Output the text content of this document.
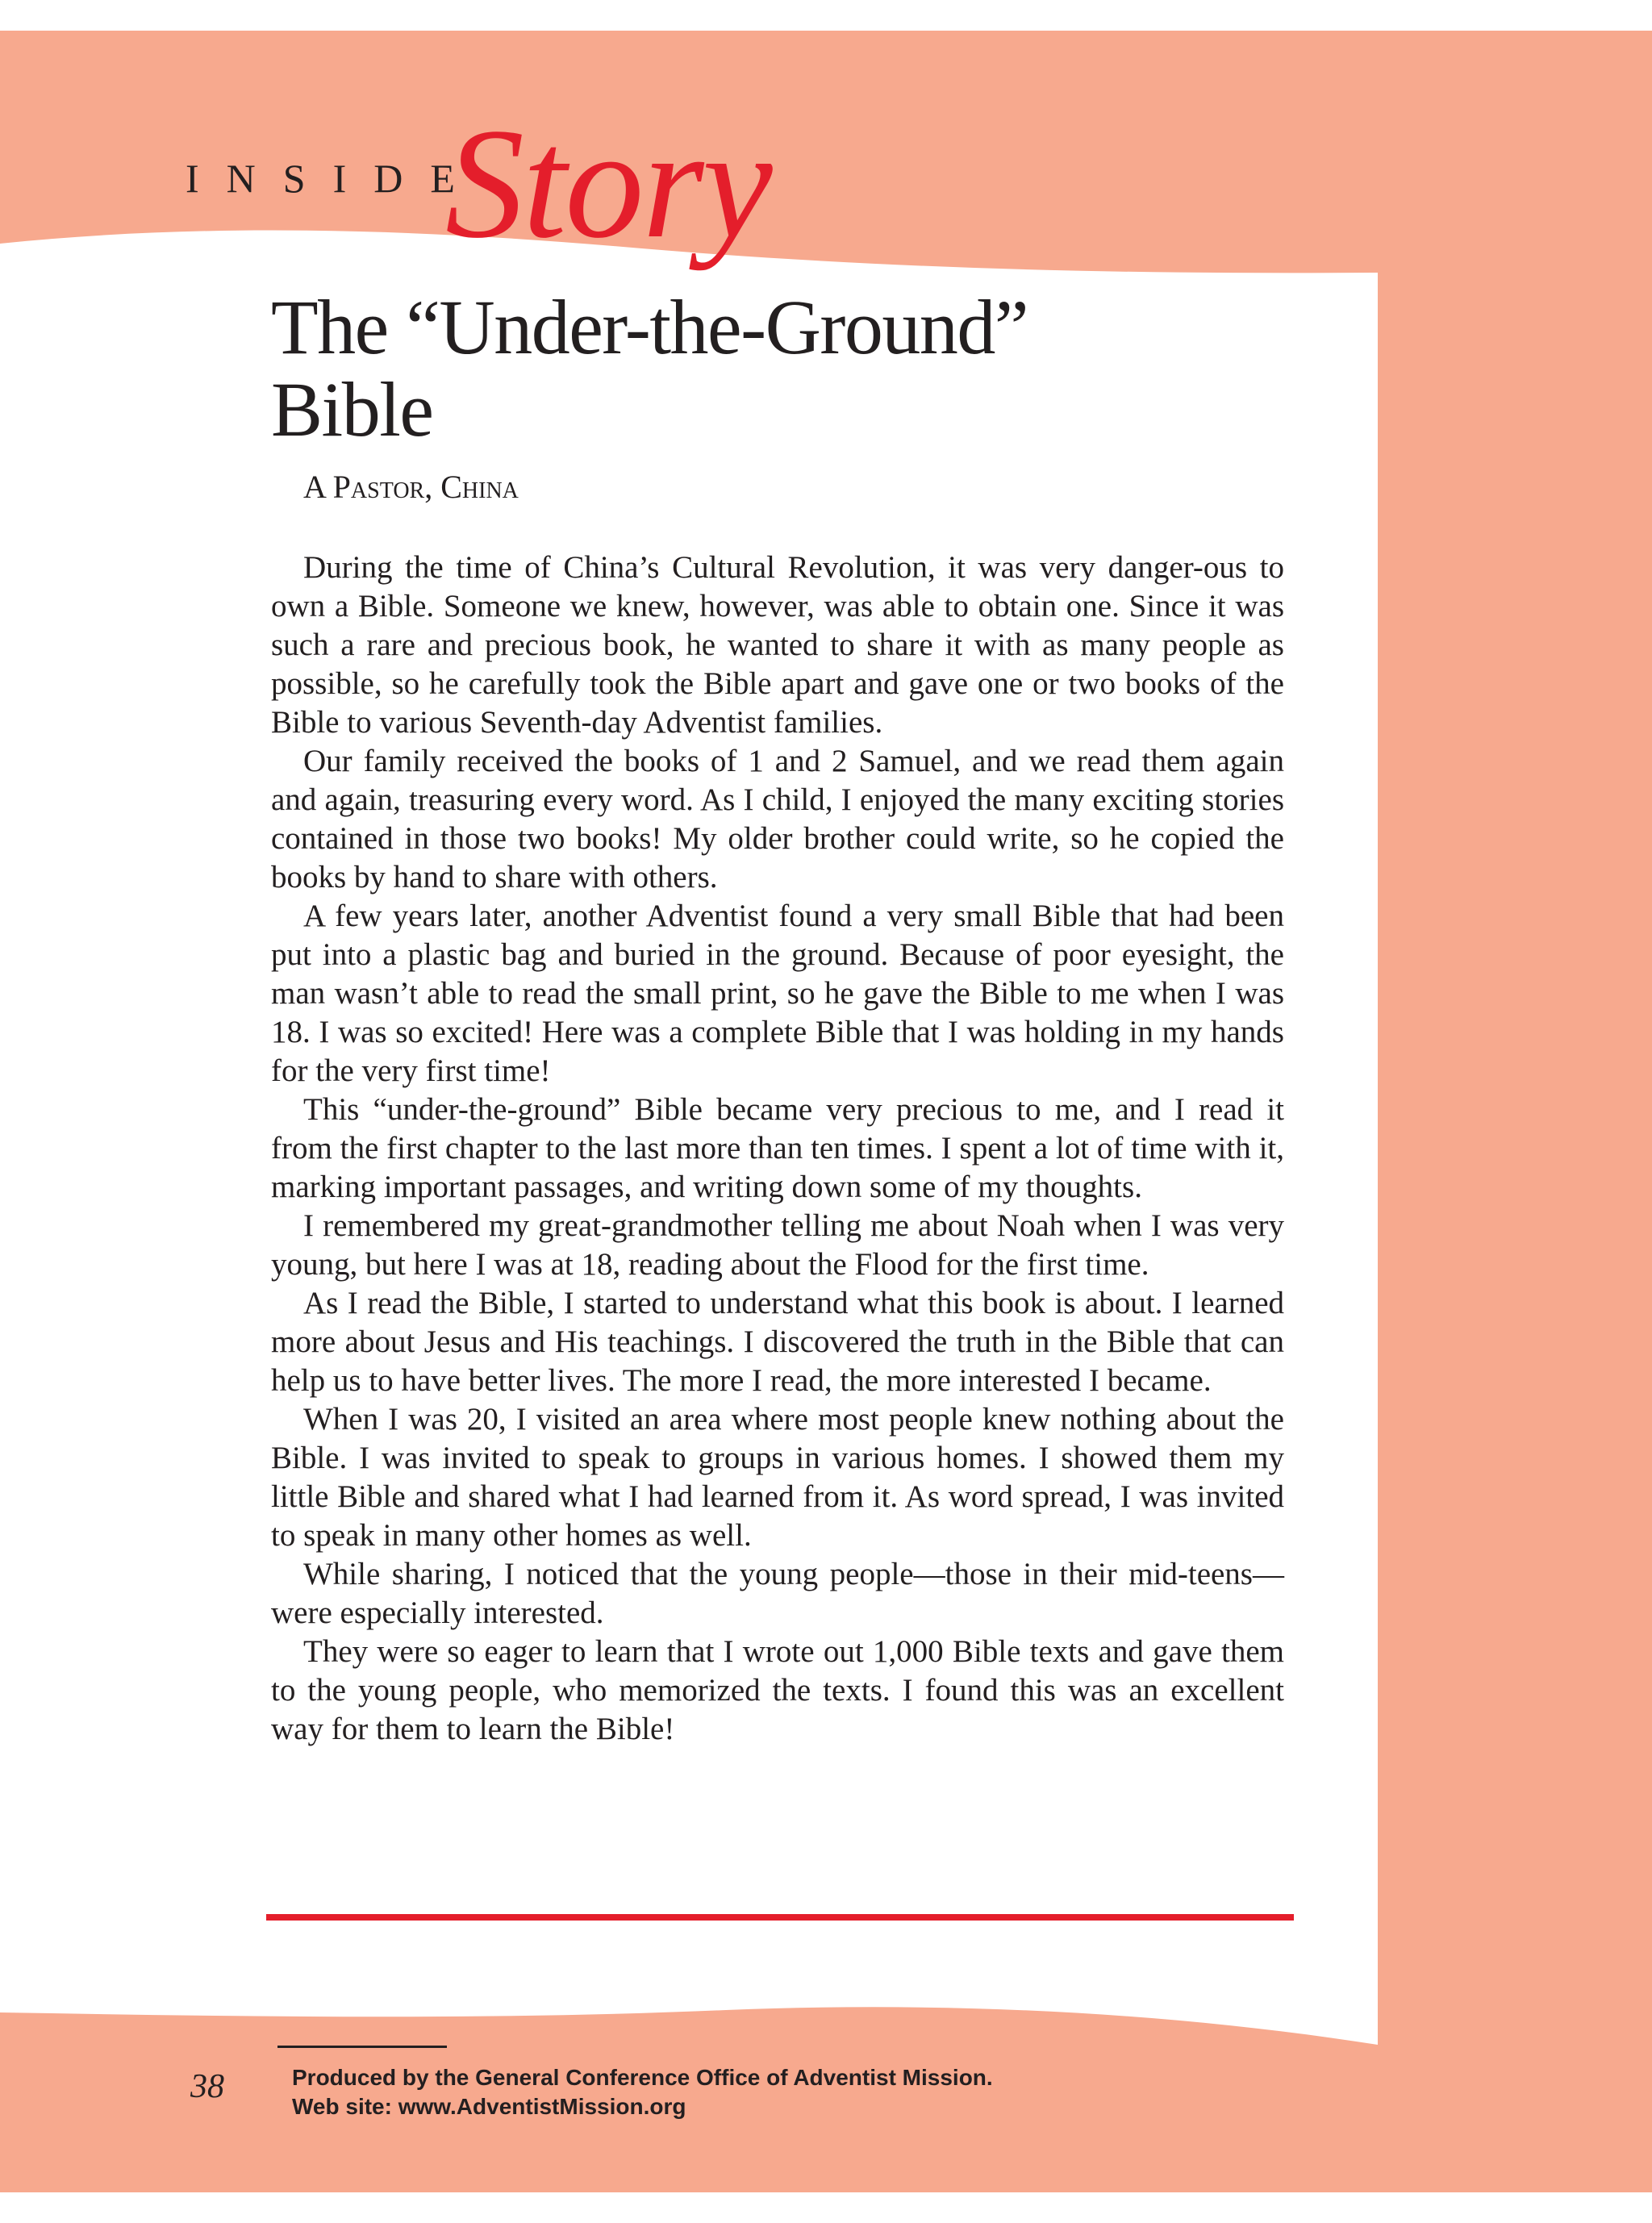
INSIDE
Story
The “Under-the-Ground”
Bible
A Pastor, China

During the time of China’s Cultural Revolution, it was very danger-ous to own a Bible. Someone we knew, however, was able to obtain one. Since it was such a rare and precious book, he wanted to share it with as many people as possible, so he carefully took the Bible apart and gave one or two books of the Bible to various Seventh-day Adventist families.

Our family received the books of 1 and 2 Samuel, and we read them again and again, treasuring every word. As I child, I enjoyed the many exciting stories contained in those two books! My older brother could write, so he copied the books by hand to share with others.

A few years later, another Adventist found a very small Bible that had been put into a plastic bag and buried in the ground. Because of poor eyesight, the man wasn’t able to read the small print, so he gave the Bible to me when I was 18. I was so excited! Here was a complete Bible that I was holding in my hands for the very first time!

This “under-the-ground” Bible became very precious to me, and I read it from the first chapter to the last more than ten times. I spent a lot of time with it, marking important passages, and writing down some of my thoughts.

I remembered my great-grandmother telling me about Noah when I was very young, but here I was at 18, reading about the Flood for the first time.

As I read the Bible, I started to understand what this book is about. I learned more about Jesus and His teachings. I discovered the truth in the Bible that can help us to have better lives. The more I read, the more interested I became.

When I was 20, I visited an area where most people knew nothing about the Bible. I was invited to speak to groups in various homes. I showed them my little Bible and shared what I had learned from it. As word spread, I was invited to speak in many other homes as well.

While sharing, I noticed that the young people—those in their mid-teens—were especially interested.

They were so eager to learn that I wrote out 1,000 Bible texts and gave them to the young people, who memorized the texts. I found this was an excellent way for them to learn the Bible!

38	Produced by the General Conference Office of Adventist Mission.
Web site: www.AdventistMission.org
